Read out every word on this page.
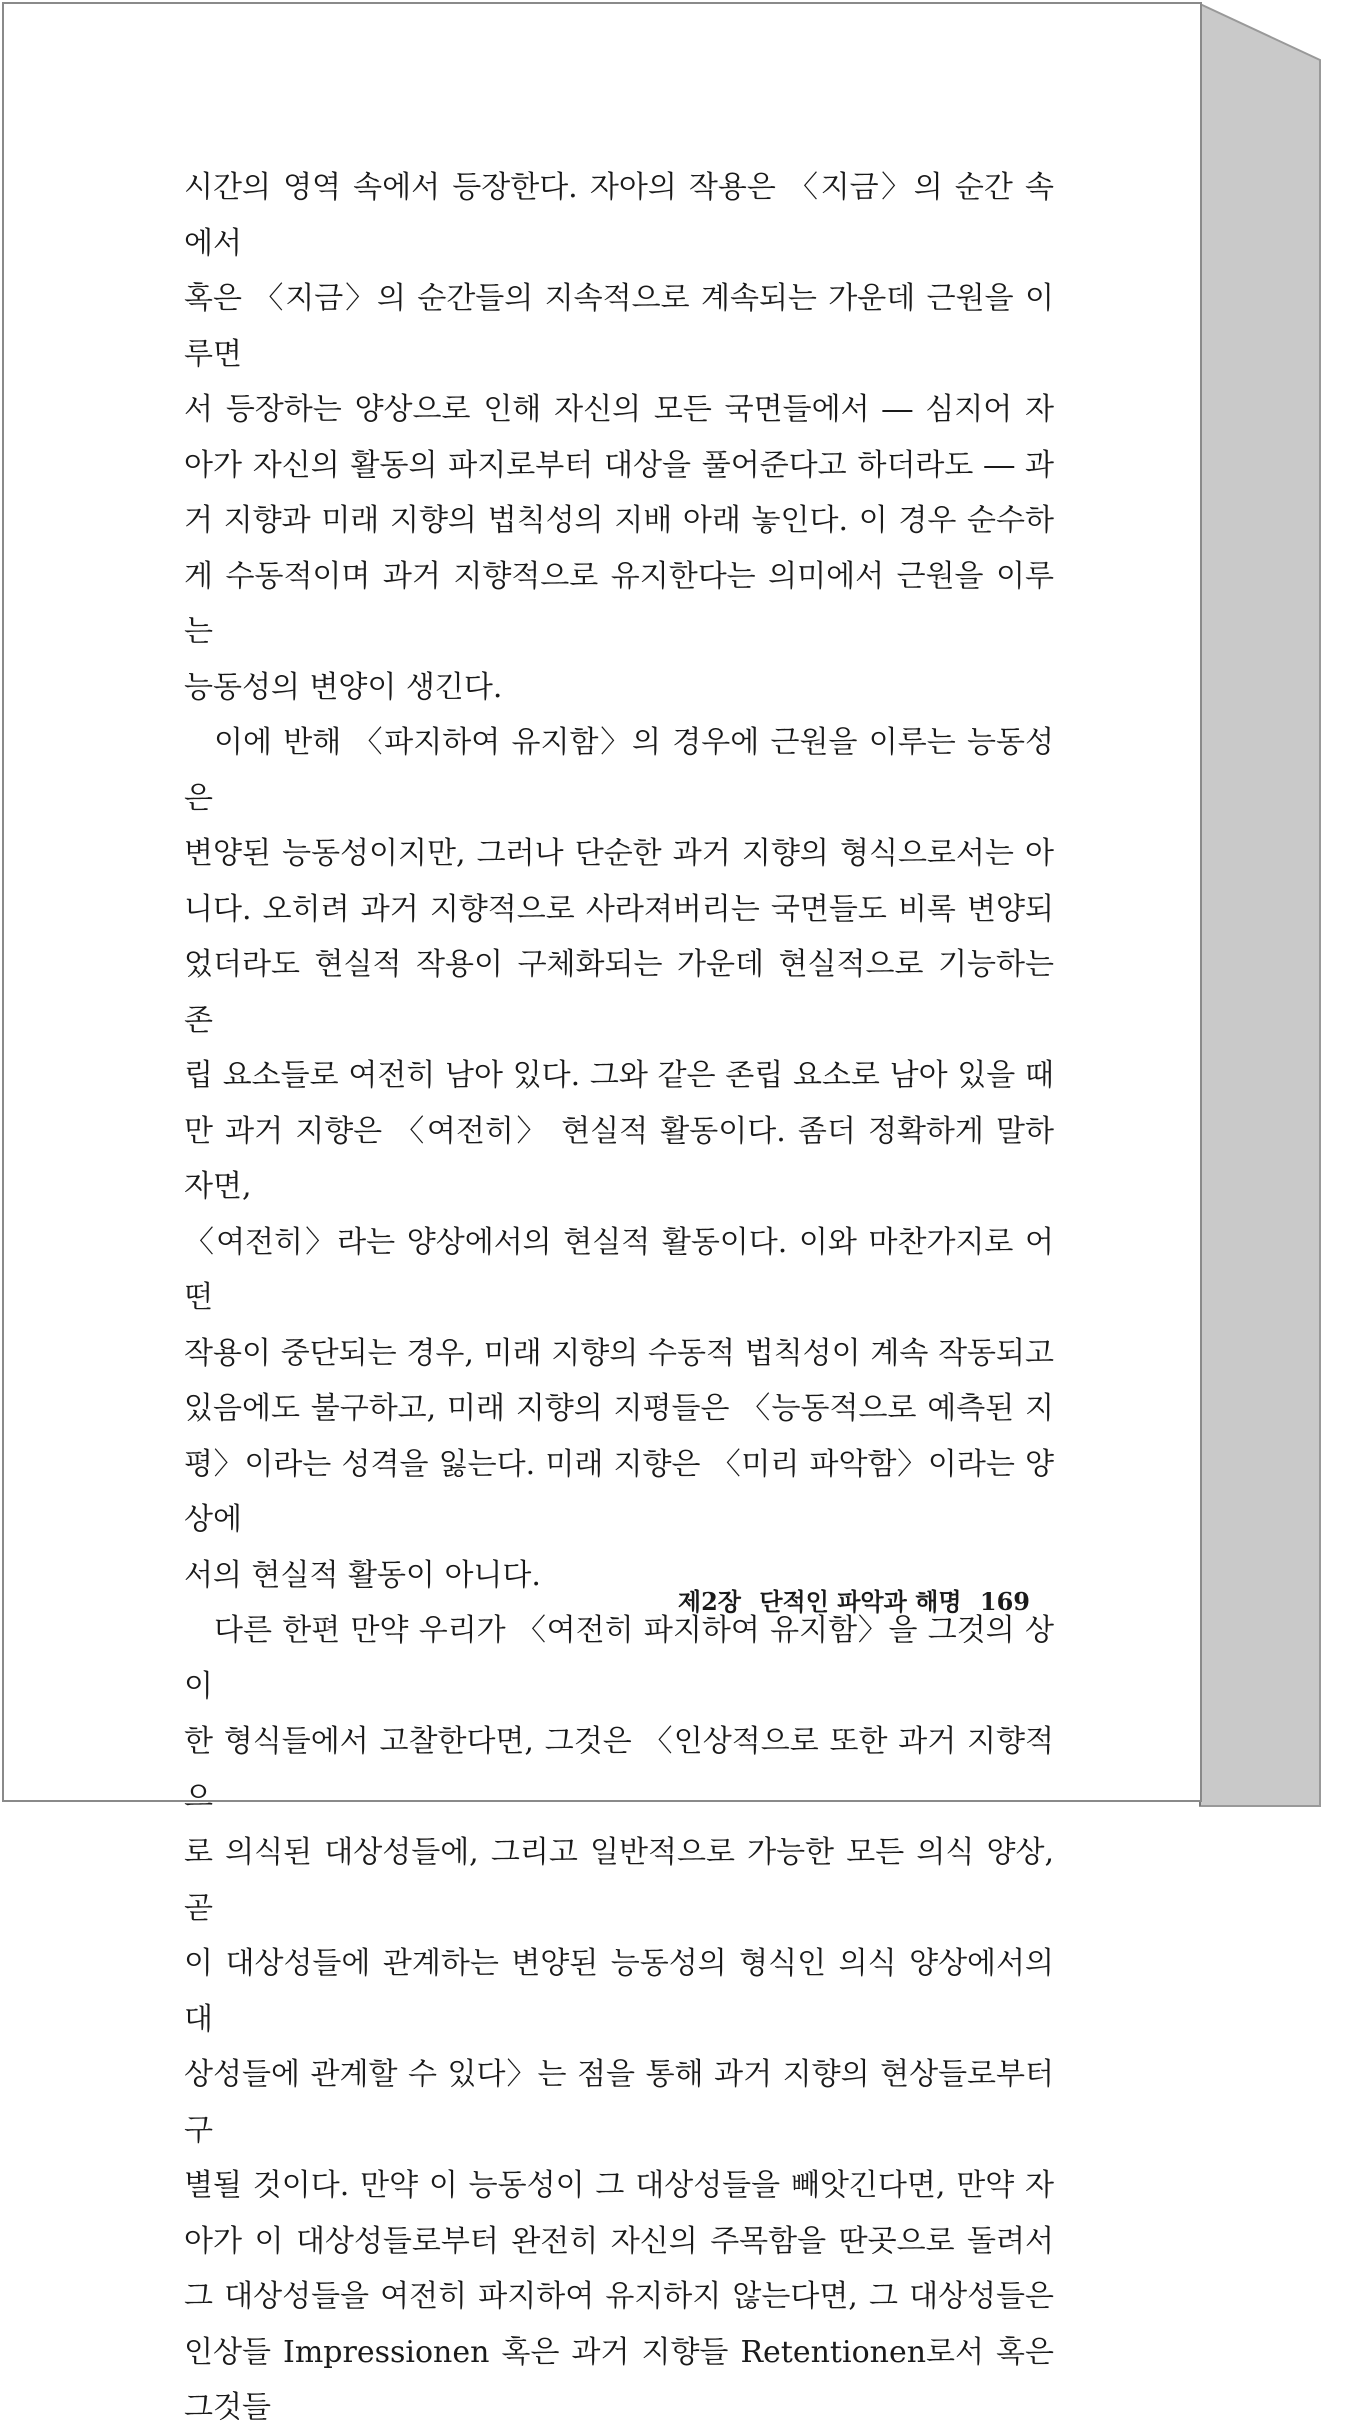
시간의 영역 속에서 등장한다. 자아의 작용은 〈지금〉의 순간 속에서

혹은 〈지금〉의 순간들의 지속적으로 계속되는 가운데 근원을 이루면

서 등장하는 양상으로 인해 자신의 모든 국면들에서 ― 심지어 자

아가 자신의 활동의 파지로부터 대상을 풀어준다고 하더라도 ― 과

거 지향과 미래 지향의 법칙성의 지배 아래 놓인다. 이 경우 순수하

게 수동적이며 과거 지향적으로 유지한다는 의미에서 근원을 이루는

능동성의 변양이 생긴다.

이에 반해 〈파지하여 유지함〉의 경우에 근원을 이루는 능동성은

변양된 능동성이지만, 그러나 단순한 과거 지향의 형식으로서는 아

니다. 오히려 과거 지향적으로 사라져버리는 국면들도 비록 변양되

었더라도 현실적 작용이 구체화되는 가운데 현실적으로 기능하는 존

립 요소들로 여전히 남아 있다. 그와 같은 존립 요소로 남아 있을 때

만 과거 지향은 〈여전히〉 현실적 활동이다. 좀더 정확하게 말하자면,

〈여전히〉라는 양상에서의 현실적 활동이다. 이와 마찬가지로 어떤

작용이 중단되는 경우, 미래 지향의 수동적 법칙성이 계속 작동되고

있음에도 불구하고, 미래 지향의 지평들은 〈능동적으로 예측된 지

평〉이라는 성격을 잃는다. 미래 지향은 〈미리 파악함〉이라는 양상에

서의 현실적 활동이 아니다.

다른 한편 만약 우리가 〈여전히 파지하여 유지함〉을 그것의 상이

한 형식들에서 고찰한다면, 그것은 〈인상적으로 또한 과거 지향적으

로 의식된 대상성들에, 그리고 일반적으로 가능한 모든 의식 양상, 곧

이 대상성들에 관계하는 변양된 능동성의 형식인 의식 양상에서의 대

상성들에 관계할 수 있다〉는 점을 통해 과거 지향의 현상들로부터 구

별될 것이다. 만약 이 능동성이 그 대상성들을 빼앗긴다면, 만약 자

아가 이 대상성들로부터 완전히 자신의 주목함을 딴곳으로 돌려서

그 대상성들을 여전히 파지하여 유지하지 않는다면, 그 대상성들은

인상들 Impressionen 혹은 과거 지향들 Retentionen로서 혹은 그것들

제2장 단적인 파악과 해명 169
